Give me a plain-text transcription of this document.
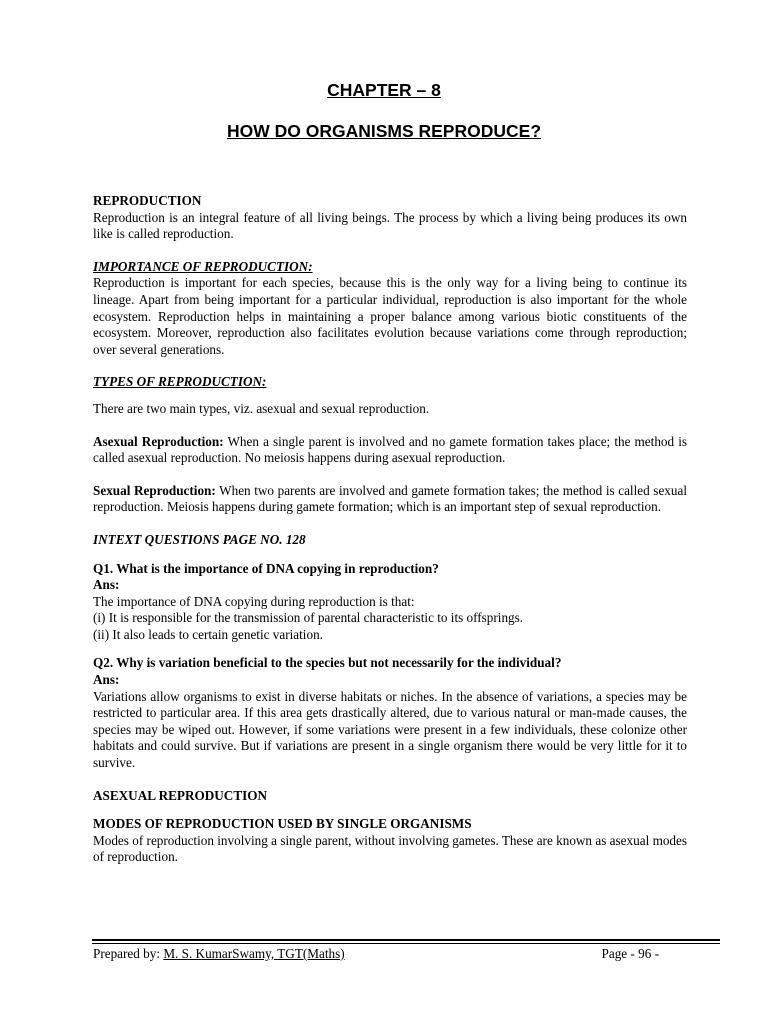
CHAPTER – 8
HOW DO ORGANISMS REPRODUCE?

REPRODUCTION

Reproduction is an integral feature of all living beings. The process by which a living being produces its own like is called reproduction.

IMPORTANCE OF REPRODUCTION:

Reproduction is important for each species, because this is the only way for a living being to continue its lineage. Apart from being important for a particular individual, reproduction is also important for the whole ecosystem. Reproduction helps in maintaining a proper balance among various biotic constituents of the ecosystem. Moreover, reproduction also facilitates evolution because variations come through reproduction; over several generations.

TYPES OF REPRODUCTION:

There are two main types, viz. asexual and sexual reproduction.

Asexual Reproduction: When a single parent is involved and no gamete formation takes place; the method is called asexual reproduction. No meiosis happens during asexual reproduction.

Sexual Reproduction: When two parents are involved and gamete formation takes; the method is called sexual reproduction. Meiosis happens during gamete formation; which is an important step of sexual reproduction.

INTEXT QUESTIONS PAGE NO. 128

Q1. What is the importance of DNA copying in reproduction?

Ans:

The importance of DNA copying during reproduction is that:

(i) It is responsible for the transmission of parental characteristic to its offsprings.

(ii) It also leads to certain genetic variation.

Q2. Why is variation beneficial to the species but not necessarily for the individual?

Ans:

Variations allow organisms to exist in diverse habitats or niches. In the absence of variations, a species may be restricted to particular area. If this area gets drastically altered, due to various natural or man-made causes, the species may be wiped out. However, if some variations were present in a few individuals, these colonize other habitats and could survive. But if variations are present in a single organism there would be very little for it to survive.

ASEXUAL REPRODUCTION

MODES OF REPRODUCTION USED BY SINGLE ORGANISMS

Modes of reproduction involving a single parent, without involving gametes. These are known as asexual modes of reproduction.

Prepared by: M. S. KumarSwamy, TGT(Maths)	Page - 96 -
